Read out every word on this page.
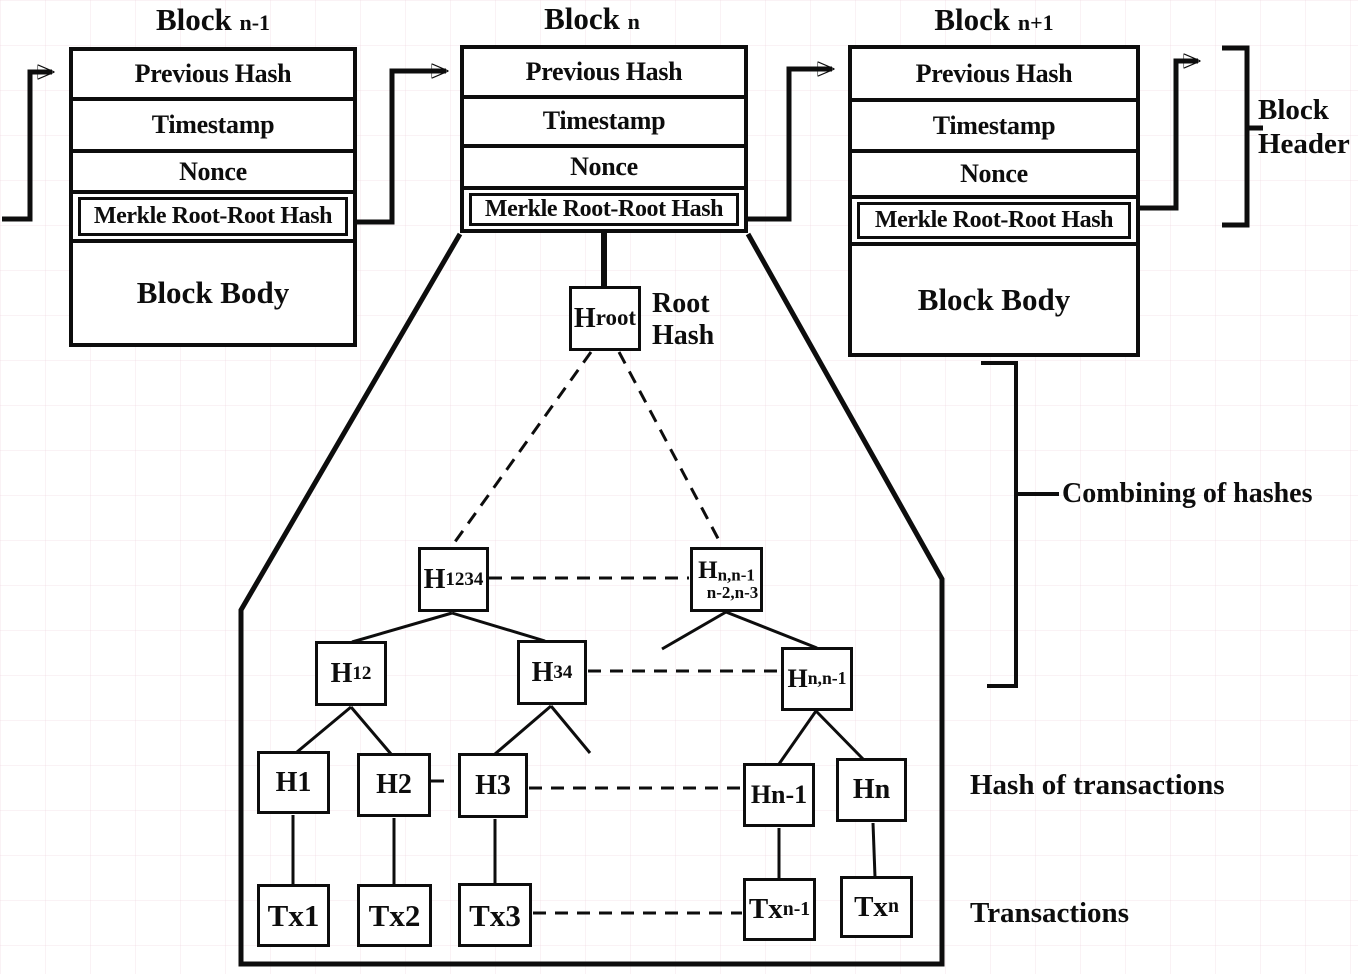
Block n-1	Block n	Block n+1
Previous Hash
Timestamp
Nonce
Merkle Root-Root Hash
Block Body
Previous Hash
Timestamp
Nonce
Merkle Root-Root Hash
Previous Hash
Timestamp
Nonce
Merkle Root-Root Hash
Block Body
H root
H 1234	Hn,n-1
n-2,n-3
H 12	H 34	H n,n-1
H1 H2 H3	Hn-1 Hn
Tx1 Tx2 Tx3	Tx n-1 Tx n
Root
Hash
Block
Header
Combining of hashes
Hash of transactions
Transactions
